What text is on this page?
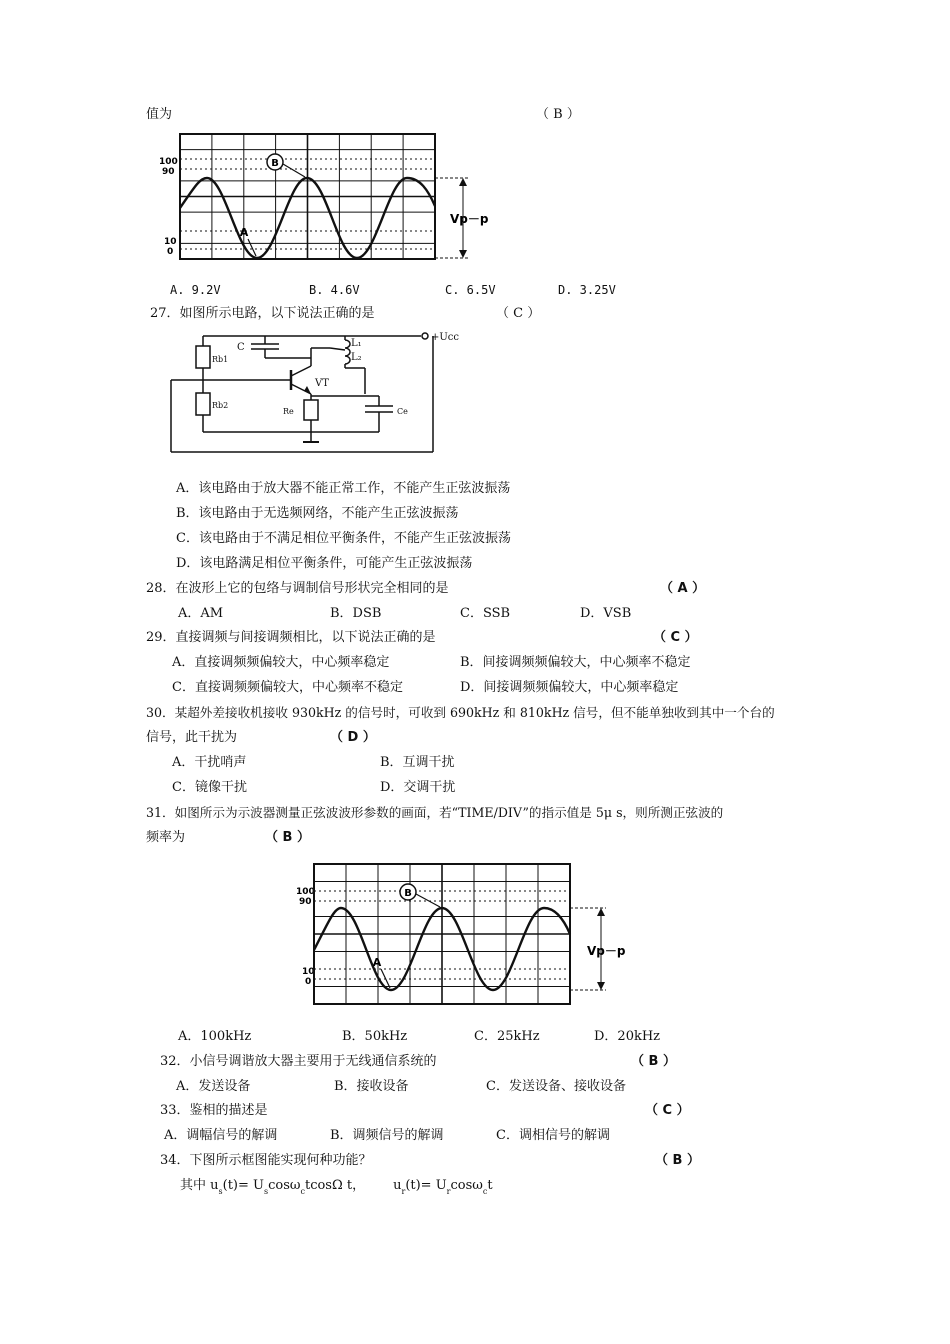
值为	（ B ）
100
90
10
0
B
A
Vp－p
A. 9.2V	B. 4.6V	C. 6.5V	D. 3.25V
27．如图所示电路，以下说法正确的是	（ C ）
+Ucc
C	L₁
L₂
VT
Rb1
Rb2
Re	Ce
A．该电路由于放大器不能正常工作，不能产生正弦波振荡
B．该电路由于无选频网络，不能产生正弦波振荡
C．该电路由于不满足相位平衡条件，不能产生正弦波振荡
D．该电路满足相位平衡条件，可能产生正弦波振荡
28．在波形上它的包络与调制信号形状完全相同的是	（ A ）
A．AM	B．DSB	C．SSB	D．VSB
29．直接调频与间接调频相比，以下说法正确的是	（ C ）
A．直接调频频偏较大，中心频率稳定	B．间接调频频偏较大，中心频率不稳定
C．直接调频频偏较大，中心频率不稳定	D．间接调频频偏较大，中心频率稳定
30．某超外差接收机接收 930kHz 的信号时，可收到 690kHz 和 810kHz 信号，但不能单独收到其中一个台的
信号，此干扰为	（ D ）
A．干扰哨声	B．互调干扰
C．镜像干扰	D．交调干扰
31．如图所示为示波器测量正弦波波形参数的画面，若“TIME/DIV”的指示值是 5μ s，则所测正弦波的
频率为	（ B ）
100
90
10
0
B
A
Vp－p
A．100kHz	B．50kHz	C．25kHz	D．20kHz
32．小信号调谐放大器主要用于无线通信系统的	（ B ）
A．发送设备	B．接收设备	C．发送设备、接收设备
33．鉴相的描述是	（ C ）
A．调幅信号的解调	B．调频信号的解调	C．调相信号的解调
34．下图所示框图能实现何种功能？	（ B ）
其中 $u_s(t)= U_s\cos\omega_ctcos\Omega$ t， $u_r(t)= U_r\cos\omega_ct$
